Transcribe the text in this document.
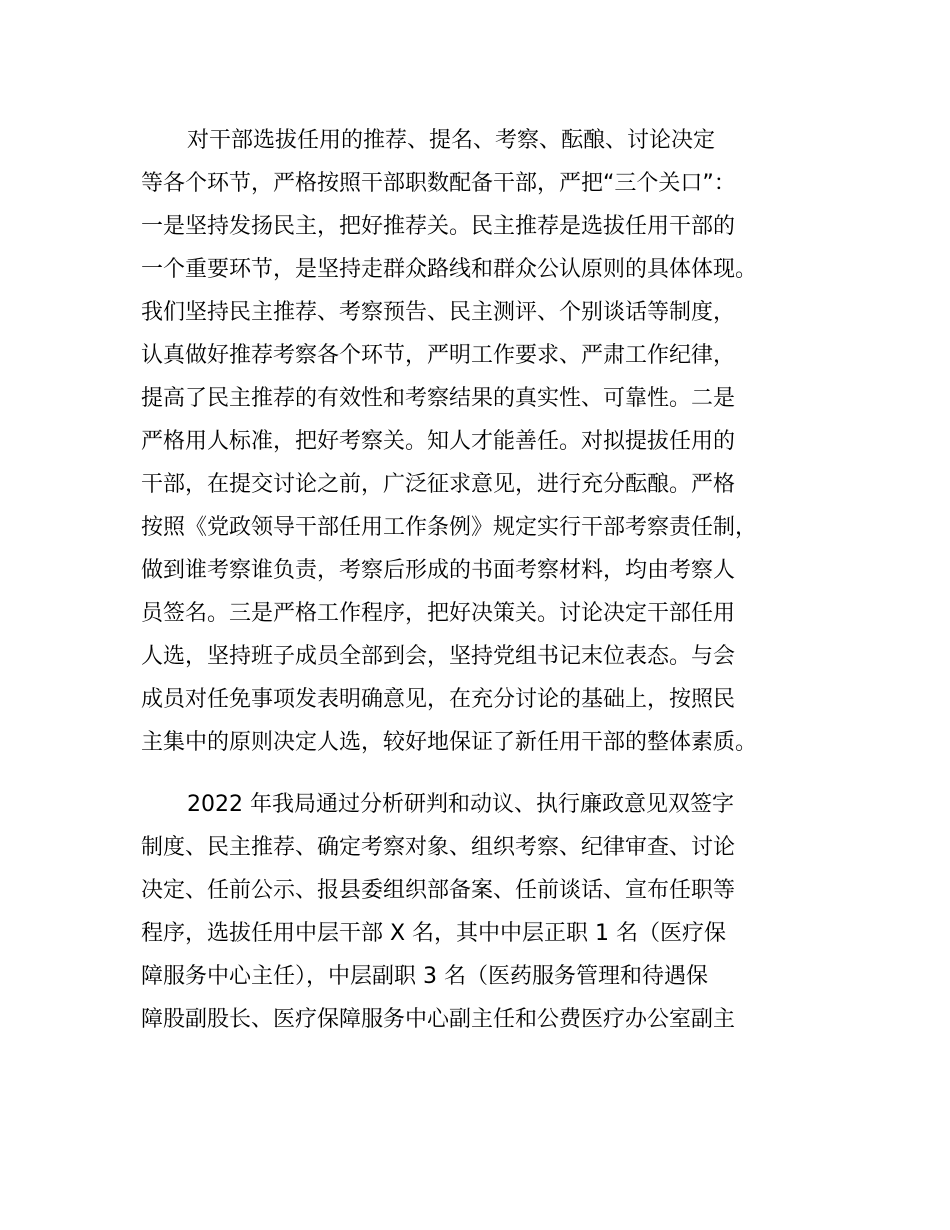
对干部选拔任用的推荐、提名、考察、酝酿、讨论决定
等各个环节，严格按照干部职数配备干部，严把“三个关口”：
一是坚持发扬民主，把好推荐关。民主推荐是选拔任用干部的
一个重要环节，是坚持走群众路线和群众公认原则的具体体现。
我们坚持民主推荐、考察预告、民主测评、个别谈话等制度，
认真做好推荐考察各个环节，严明工作要求、严肃工作纪律，
提高了民主推荐的有效性和考察结果的真实性、可靠性。二是
严格用人标准，把好考察关。知人才能善任。对拟提拔任用的
干部，在提交讨论之前，广泛征求意见，进行充分酝酿。严格
按照《党政领导干部任用工作条例》规定实行干部考察责任制，
做到谁考察谁负责，考察后形成的书面考察材料，均由考察人
员签名。三是严格工作程序，把好决策关。讨论决定干部任用
人选，坚持班子成员全部到会，坚持党组书记末位表态。与会
成员对任免事项发表明确意见，在充分讨论的基础上，按照民
主集中的原则决定人选，较好地保证了新任用干部的整体素质。
2022 年我局通过分析研判和动议、执行廉政意见双签字
制度、民主推荐、确定考察对象、组织考察、纪律审查、讨论
决定、任前公示、报县委组织部备案、任前谈话、宣布任职等
程序，选拔任用中层干部 X 名，其中中层正职 1 名（医疗保
障服务中心主任），中层副职 3 名（医药服务管理和待遇保
障股副股长、医疗保障服务中心副主任和公费医疗办公室副主
